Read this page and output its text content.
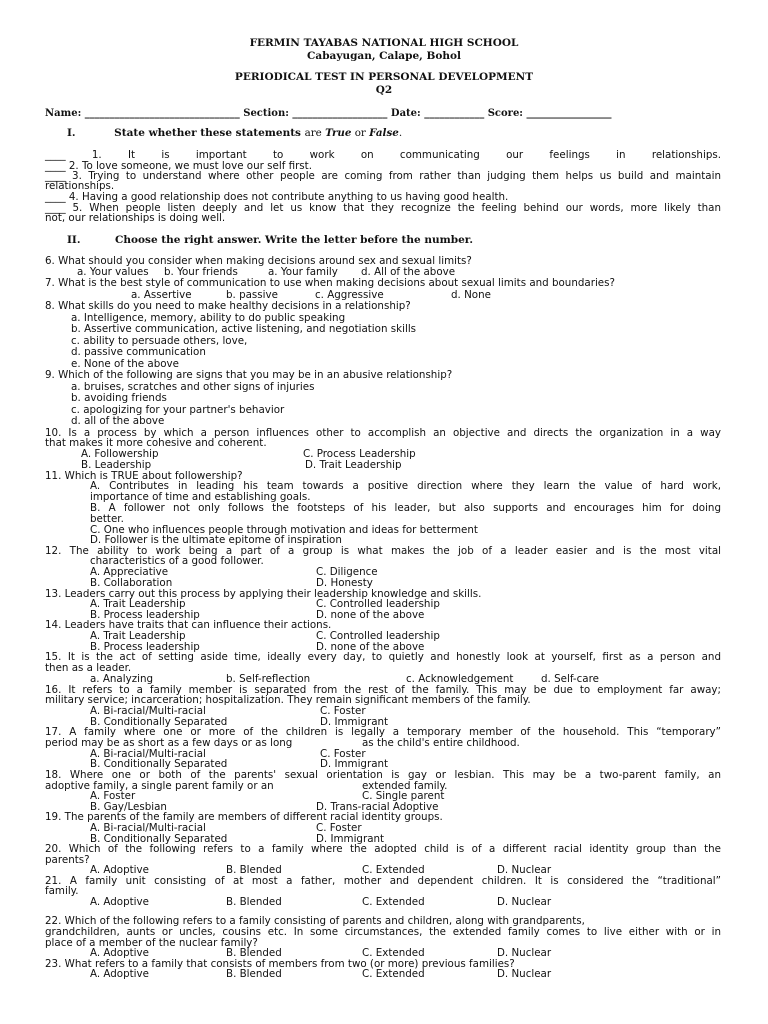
FERMIN TAYABAS NATIONAL HIGH SCHOOL
Cabayugan, Calape, Bohol
PERIODICAL TEST IN PERSONAL DEVELOPMENT
Q2
Name: _______________________________ Section: ___________________ Date: ____________ Score: _________________
I.	State whether these statements are True or False.
____ 1. It is important to work on communicating our feelings in relationships.
____ 2. To love someone, we must love our self first.
____ 3. Trying to understand where other people are coming from rather than judging them helps us build and maintain
relationships.
____ 4. Having a good relationship does not contribute anything to us having good health.
____ 5. When people listen deeply and let us know that they recognize the feeling behind our words, more likely than
not, our relationships is doing well.
II.	Choose the right answer. Write the letter before the number.
6. What should you consider when making decisions around sex and sexual limits?
a. Your values b. Your friends	a. Your family d. All of the above
7. What is the best style of communication to use when making decisions about sexual limits and boundaries?
a. Assertive	b. passive	c. Aggressive	d. None
8. What skills do you need to make healthy decisions in a relationship?
a. Intelligence, memory, ability to do public speaking
b. Assertive communication, active listening, and negotiation skills
c. ability to persuade others, love,
d. passive communication
e. None of the above
9. Which of the following are signs that you may be in an abusive relationship?
a. bruises, scratches and other signs of injuries
b. avoiding friends
c. apologizing for your partner's behavior
d. all of the above
10. Is a process by which a person influences other to accomplish an objective and directs the organization in a way
that makes it more cohesive and coherent.
A. Followership	C. Process Leadership
B. Leadership	D. Trait Leadership
11. Which is TRUE about followership?
A. Contributes in leading his team towards a positive direction where they learn the value of hard work,
importance of time and establishing goals.
B. A follower not only follows the footsteps of his leader, but also supports and encourages him for doing
better.
C. One who influences people through motivation and ideas for betterment
D. Follower is the ultimate epitome of inspiration
12. The ability to work being a part of a group is what makes the job of a leader easier and is the most vital
characteristics of a good follower.
A. Appreciative	C. Diligence
B. Collaboration	D. Honesty
13. Leaders carry out this process by applying their leadership knowledge and skills.
A. Trait Leadership	C. Controlled leadership
B. Process leadership	D. none of the above
14. Leaders have traits that can influence their actions.
A. Trait Leadership	C. Controlled leadership
B. Process leadership	D. none of the above
15. It is the act of setting aside time, ideally every day, to quietly and honestly look at yourself, first as a person and
then as a leader.
a. Analyzing	b. Self-reflection	c. Acknowledgement	d. Self-care
16. It refers to a family member is separated from the rest of the family. This may be due to employment far away;
military service; incarceration; hospitalization. They remain significant members of the family.
A. Bi-racial/Multi-racial	C. Foster
B. Conditionally Separated	D. Immigrant
17. A family where one or more of the children is legally a temporary member of the household. This “temporary”
period may be as short as a few days or as long	as the child's entire childhood.
A. Bi-racial/Multi-racial	C. Foster
B. Conditionally Separated	D. Immigrant
18. Where one or both of the parents' sexual orientation is gay or lesbian. This may be a two-parent family, an
adoptive family, a single parent family or an	extended family.
A. Foster	C. Single parent
B. Gay/Lesbian	D. Trans-racial Adoptive
19. The parents of the family are members of different racial identity groups.
A. Bi-racial/Multi-racial	C. Foster
B. Conditionally Separated	D. Immigrant
20. Which of the following refers to a family where the adopted child is of a different racial identity group than the
parents?
A. Adoptive	B. Blended	C. Extended	D. Nuclear
21. A family unit consisting of at most a father, mother and dependent children. It is considered the “traditional”
family.
A. Adoptive	B. Blended	C. Extended	D. Nuclear
22. Which of the following refers to a family consisting of parents and children, along with grandparents,
grandchildren, aunts or uncles, cousins etc. In some circumstances, the extended family comes to live either with or in
place of a member of the nuclear family?
A. Adoptive	B. Blended	C. Extended	D. Nuclear
23. What refers to a family that consists of members from two (or more) previous families?
A. Adoptive	B. Blended	C. Extended	D. Nuclear
